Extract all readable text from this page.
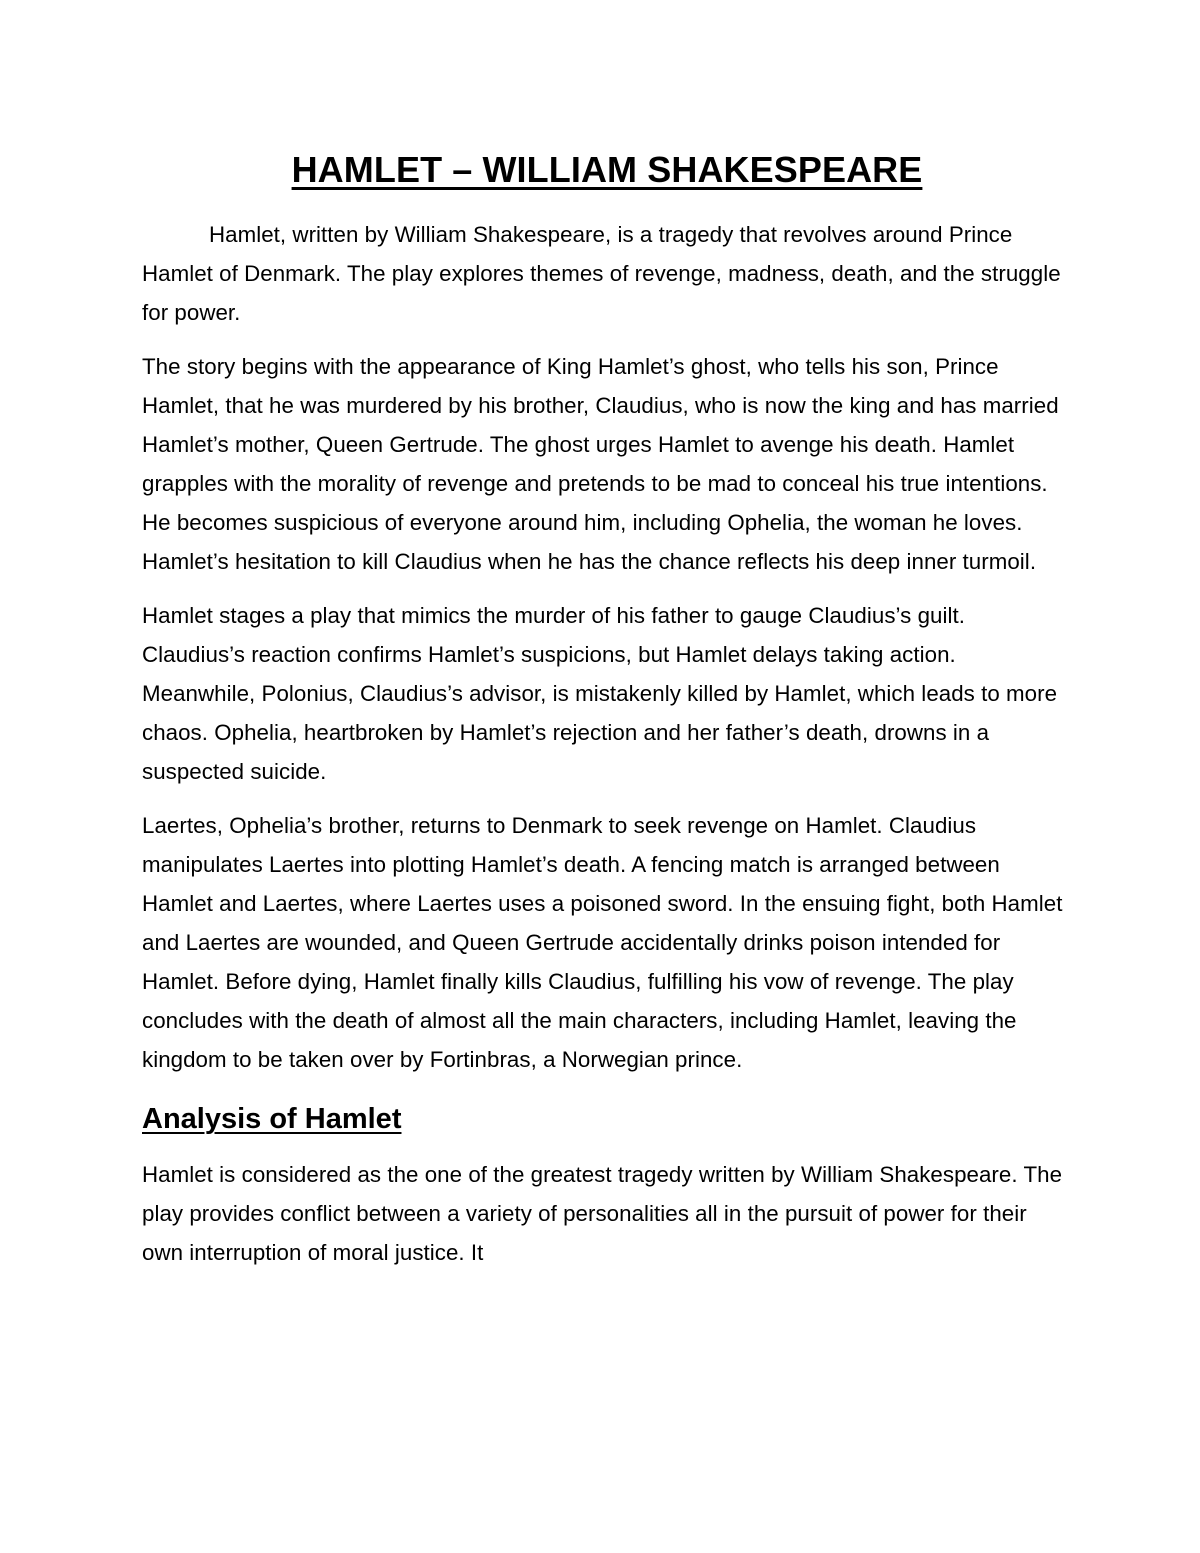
HAMLET – WILLIAM SHAKESPEARE

Hamlet, written by William Shakespeare, is a tragedy that revolves around Prince Hamlet of Denmark. The play explores themes of revenge, madness, death, and the struggle for power.

The story begins with the appearance of King Hamlet’s ghost, who tells his son, Prince Hamlet, that he was murdered by his brother, Claudius, who is now the king and has married Hamlet’s mother, Queen Gertrude. The ghost urges Hamlet to avenge his death. Hamlet grapples with the morality of revenge and pretends to be mad to conceal his true intentions. He becomes suspicious of everyone around him, including Ophelia, the woman he loves. Hamlet’s hesitation to kill Claudius when he has the chance reflects his deep inner turmoil.

Hamlet stages a play that mimics the murder of his father to gauge Claudius’s guilt. Claudius’s reaction confirms Hamlet’s suspicions, but Hamlet delays taking action. Meanwhile, Polonius, Claudius’s advisor, is mistakenly killed by Hamlet, which leads to more chaos. Ophelia, heartbroken by Hamlet’s rejection and her father’s death, drowns in a suspected suicide.

Laertes, Ophelia’s brother, returns to Denmark to seek revenge on Hamlet. Claudius manipulates Laertes into plotting Hamlet’s death. A fencing match is arranged between Hamlet and Laertes, where Laertes uses a poisoned sword. In the ensuing fight, both Hamlet and Laertes are wounded, and Queen Gertrude accidentally drinks poison intended for Hamlet. Before dying, Hamlet finally kills Claudius, fulfilling his vow of revenge. The play concludes with the death of almost all the main characters, including Hamlet, leaving the kingdom to be taken over by Fortinbras, a Norwegian prince.

Analysis of Hamlet

Hamlet is considered as the one of the greatest tragedy written by William Shakespeare. The play provides conflict between a variety of personalities all in the pursuit of power for their own interruption of moral justice. It
